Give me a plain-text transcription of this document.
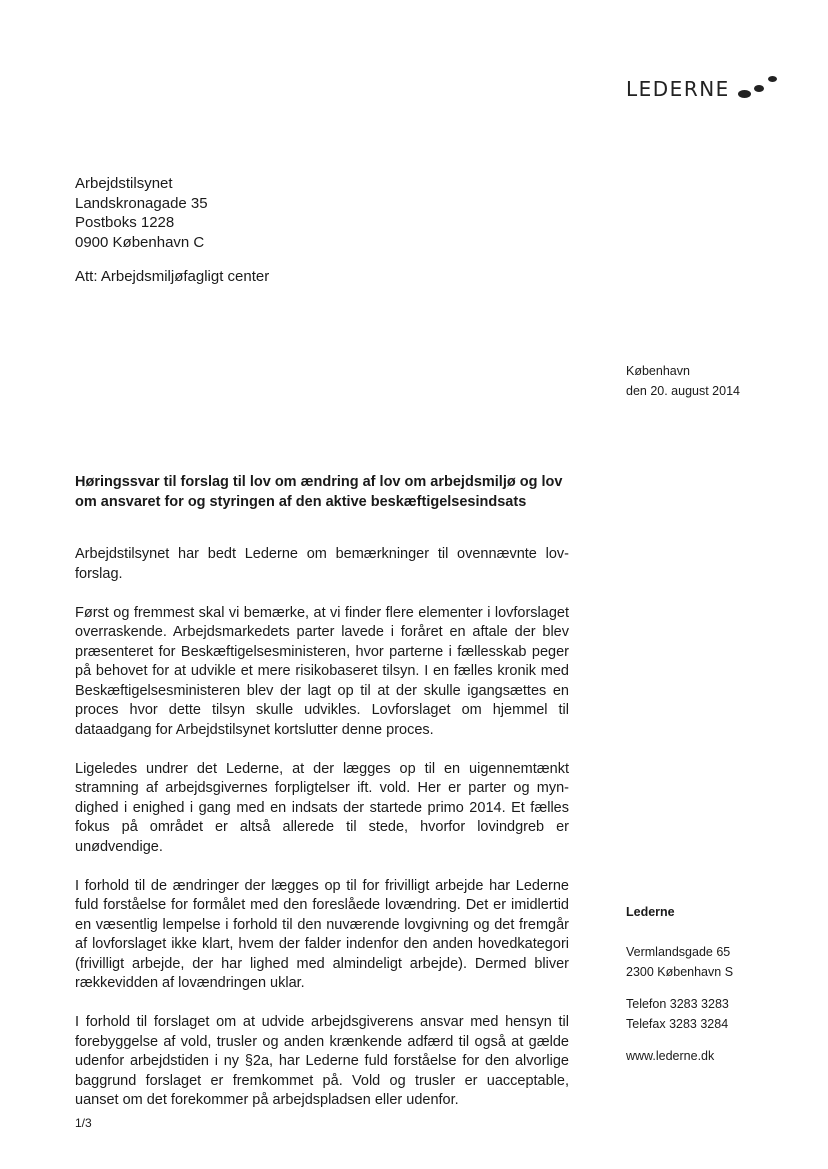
LEDERNE
Arbejdstilsynet
Landskronagade 35
Postboks 1228
0900 København C
Att: Arbejdsmiljøfagligt center
København
den 20. august 2014
Høringssvar til forslag til lov om ændring af lov om arbejdsmiljø og lov om ansvaret for og styringen af den aktive beskæftigelsesindsats

Arbejdstilsynet har bedt Lederne om bemærkninger til ovennævnte lovforslag.

Først og fremmest skal vi bemærke, at vi finder flere elementer i lovforslaget overraskende. Arbejdsmarkedets parter lavede i foråret en aftale der blev præsenteret for Beskæftigelsesministeren, hvor parterne i fællesskab peger på behovet for at udvikle et mere risikobaseret tilsyn. I en fælles kronik med Beskæftigelsesministeren blev der lagt op til at der skulle igangsættes en proces hvor dette tilsyn skulle udvikles. Lovforslaget om hjemmel til dataadgang for Arbejdstilsynet kortslutter denne proces.

Ligeledes undrer det Lederne, at der lægges op til en uigennemtænkt stramning af arbejdsgivernes forpligtelser ift. vold. Her er parter og myndighed i enighed i gang med en indsats der startede primo 2014. Et fælles fokus på området er altså allerede til stede, hvorfor lovindgreb er unødvendige.

I forhold til de ændringer der lægges op til for frivilligt arbejde har Lederne fuld forståelse for formålet med den foreslåede lovændring. Det er imidlertid en væsentlig lempelse i forhold til den nuværende lovgivning og det fremgår af lovforslaget ikke klart, hvem der falder indenfor den anden hovedkategori (frivilligt arbejde, der har lighed med almindeligt arbejde). Dermed bliver rækkevidden af lovændringen uklar.

I forhold til forslaget om at udvide arbejdsgiverens ansvar med hensyn til forebyggelse af vold, trusler og anden krænkende adfærd til også at gælde udenfor arbejdstiden i ny §2a, har Lederne fuld forståelse for den alvorlige baggrund forslaget er fremkommet på. Vold og trusler er uacceptable, uanset om det forekommer på arbejdspladsen eller udenfor.

Lederne
Vermlandsgade 65
2300 København S
Telefon 3283 3283
Telefax 3283 3284
www.lederne.dk
1/3
